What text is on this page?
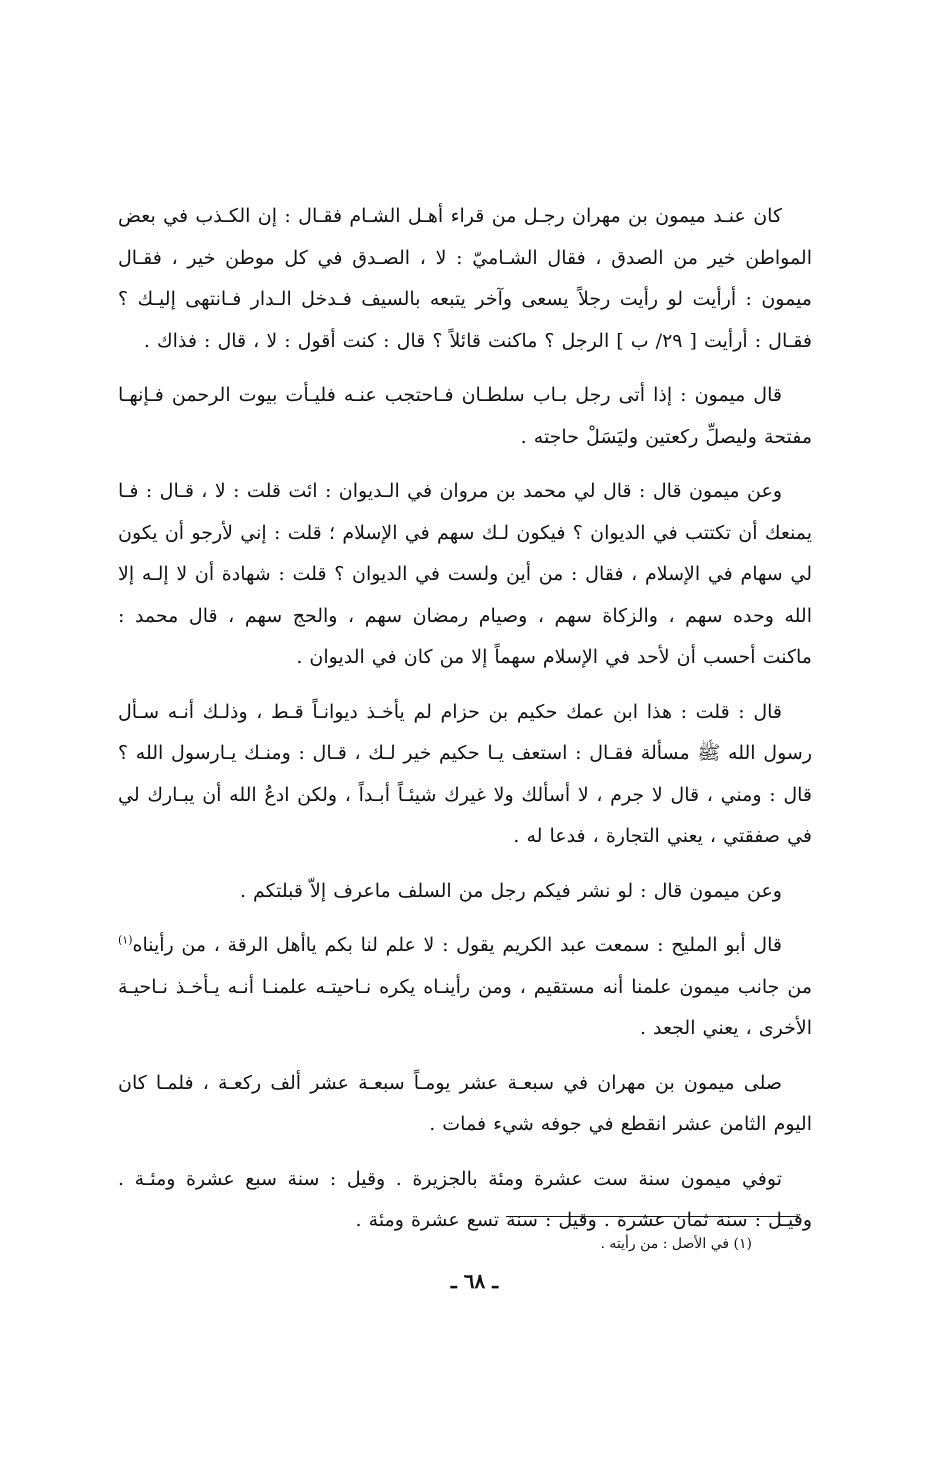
كان عنـد ميمون بن مهران رجـل من قراء أهـل الشـام فقـال : إن الكـذب في بعض المواطن خير من الصدق ، فقال الشـاميّ : لا ، الصـدق في كل موطن خير ، فقـال ميمون : أرأيت لو رأيت رجلاً يسعى وآخر يتبعه بالسيف فـدخل الـدار فـانتهى إليـك ؟ فقـال : أرأيت [ ٢٩/ ب ] الرجل ؟ ماكنت قائلاً ؟ قال : كنت أقول : لا ، قال : فذاك .

قال ميمون : إذا أتى رجل بـاب سلطـان فـاحتجب عنـه فليـأت بيوت الرحمن فـإنهـا مفتحة وليصلِّ ركعتين وليَسَلْ حاجته .

وعن ميمون قال : قال لي محمد بن مروان في الـديوان : ائت قلت : لا ، قـال : فـا يمنعك أن تكتتب في الديوان ؟ فيكون لـك سهم في الإسلام ؛ قلت : إني لأرجو أن يكون لي سهام في الإسلام ، فقال : من أين ولست في الديوان ؟ قلت : شهادة أن لا إلـه إلا الله وحده سهم ، والزكاة سهم ، وصيام رمضان سهم ، والحج سهم ، قال محمد : ماكنت أحسب أن لأحد في الإسلام سهماً إلا من كان في الديوان .

قال : قلت : هذا ابن عمك حكيم بن حزام لم يأخـذ ديوانـاً قـط ، وذلـك أنـه سـأل رسول الله ﷺ مسألة فقـال : استعف يـا حكيم خير لـك ، قـال : ومنـك يـارسول الله ؟ قال : ومني ، قال لا جرم ، لا أسألك ولا غيرك شيئـاً أبـداً ، ولكن ادعُ الله أن يبـارك لي في صفقتي ، يعني التجارة ، فدعا له .

وعن ميمون قال : لو نشر فيكم رجل من السلف ماعرف إلاّ قبلتكم .

قال أبو المليح : سمعت عبد الكريم يقول : لا علم لنا بكم ياأهل الرقة ، من رأيناه$^{(١)}$ من جانب ميمون علمنا أنه مستقيم ، ومن رأينـاه يكره نـاحيتـه علمنـا أنـه يـأخـذ نـاحيـة الأخرى ، يعني الجعد .

صلى ميمون بن مهران في سبعـة عشر يومـاً سبعـة عشر ألف ركعـة ، فلمـا كان اليوم الثامن عشر انقطع في جوفه شيء فمات .

توفي ميمون سنة ست عشرة ومئة بالجزيرة . وقيل : سنة سبع عشرة ومئـة . وقيـل : سنة ثمان عشرة . وقيل : سنة تسع عشرة ومئة .

(١) في الأصل : من رأيته .
ـ ٦٨ ـ
